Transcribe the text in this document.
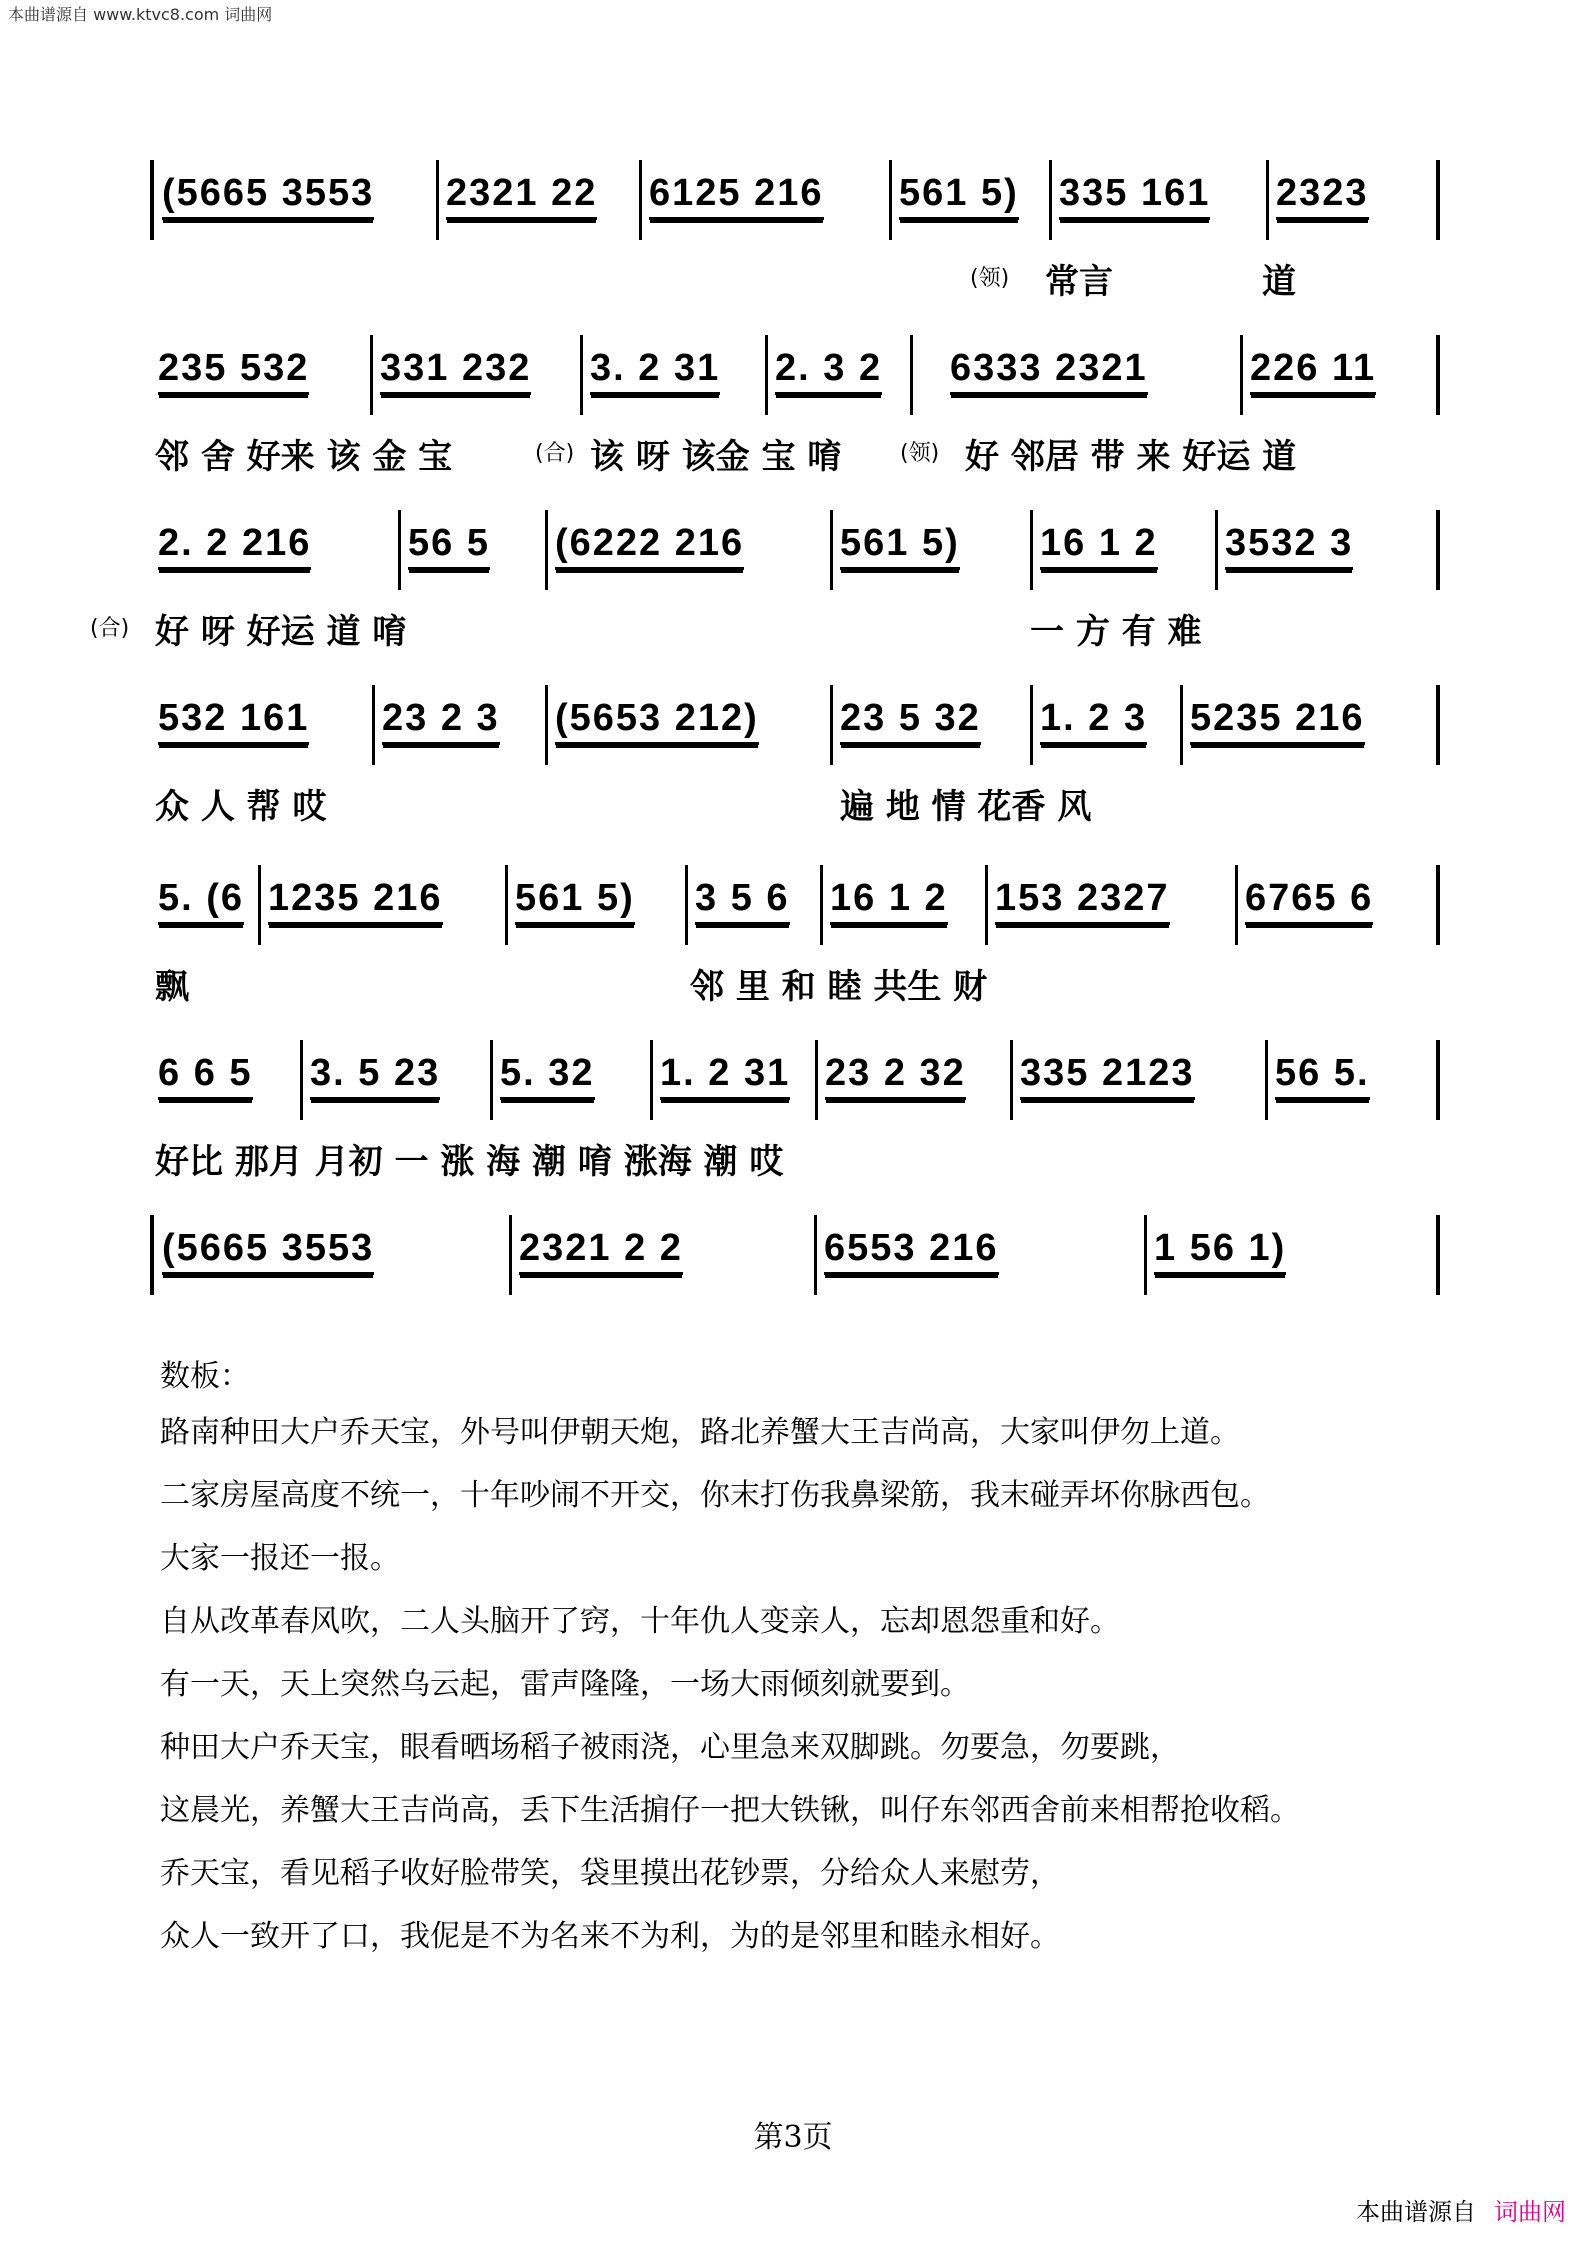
本曲谱源自 www.ktvc8.com 词曲网
(5665 3553 2321 22 6125 216 561 5) 335 161 2323
(领) 常言	道
235 532 331 232 3. 2 31 2. 3 2 6333 2321	226 11
邻 舍 好来 该 金 宝	(合) 该 呀 该金 宝 唷	(领) 好 邻居 带 来 好运 道
2. 2 216	56 5 (6222 216	561 5) 16 1 2 3532 3
(合) 好 呀 好运 道 唷	一 方 有 难
532 161 23 2 3 (5653 212) 23 5 32 1. 2 3 5235 216
众 人 帮 哎	遍 地 情 花香 风
5. (6 1235 216 561 5) 3 5 6 16 1 2 153 2327 6765 6
飘	邻 里 和 睦 共生 财
6 6 5 3. 5 23 5. 32 1. 2 31 23 2 32 335 2123 56 5.
好比 那月 月初 一 涨 海 潮 唷 涨海 潮 哎
(5665 3553	2321 2 2	6553 216	1 56 1)

数板：

路南种田大户乔天宝，外号叫伊朝天炮，路北养蟹大王吉尚高，大家叫伊勿上道。

二家房屋高度不统一，十年吵闹不开交，你末打伤我鼻梁筋，我末碰弄坏你脉西包。

大家一报还一报。

自从改革春风吹，二人头脑开了窍，十年仇人变亲人，忘却恩怨重和好。

有一天，天上突然乌云起，雷声隆隆，一场大雨倾刻就要到。

种田大户乔天宝，眼看晒场稻子被雨浇，心里急来双脚跳。勿要急，勿要跳，

这晨光，养蟹大王吉尚高，丢下生活掮仔一把大铁锹，叫仔东邻西舍前来相帮抢收稻。

乔天宝，看见稻子收好脸带笑，袋里摸出花钞票，分给众人来慰劳，

众人一致开了口，我伲是不为名来不为利，为的是邻里和睦永相好。

第3页
本曲谱源自 词曲网
